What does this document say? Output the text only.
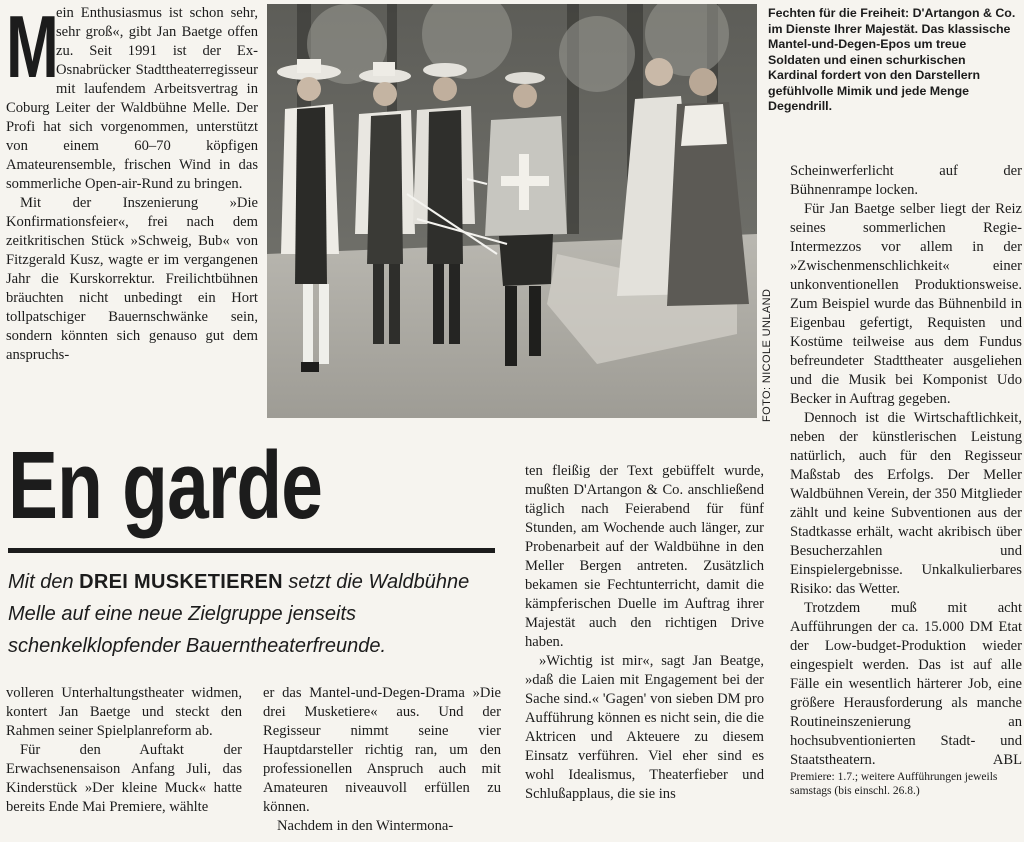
M
ein Enthusiasmus ist schon sehr, sehr groß«, gibt Jan Baetge offen zu. Seit 1991 ist der Ex-Osnabrücker Stadttheaterregisseur mit laufendem Arbeitsvertrag in Coburg Leiter der Waldbühne Melle. Der Profi hat sich vorgenommen, unterstützt von einem 60–70 köpfigen Amateurensemble, frischen Wind in das sommerliche Open-air-Rund zu bringen.

Mit der Inszenierung »Die Konfirmationsfeier«, frei nach dem zeitkritischen Stück »Schweig, Bub« von Fitzgerald Kusz, wagte er im vergangenen Jahr die Kurskorrektur. Freilichtbühnen bräuchten nicht unbedingt ein Hort tollpatschiger Bauernschwänke sein, sondern könnten sich genauso gut dem anspruchs-

Fechten für die Freiheit: D'Artangon & Co. im Dienste Ihrer Majestät. Das klassische Mantel-und-Degen-Epos um treue Soldaten und einen schurkischen Kardinal fordert von den Darstellern gefühlvolle Mimik und jede Menge Degendrill.
FOTO: NICOLE UNLAND

Scheinwerferlicht auf der Bühnenrampe locken.

Für Jan Baetge selber liegt der Reiz seines sommerlichen Regie-Intermezzos vor allem in der »Zwischenmenschlichkeit« einer unkonventionellen Produktionsweise. Zum Beispiel wurde das Bühnenbild in Eigenbau gefertigt, Requisten und Kostüme teilweise aus dem Fundus befreundeter Stadttheater ausgeliehen und die Musik bei Komponist Udo Becker in Auftrag gegeben.

Dennoch ist die Wirtschaftlichkeit, neben der künstlerischen Leistung natürlich, auch für den Regisseur Maßstab des Erfolgs. Der Meller Waldbühnen Verein, der 350 Mitglieder zählt und keine Subventionen aus der Stadtkasse erhält, wacht akribisch über Besucherzahlen und Einspielergebnisse. Unkalkulierbares Risiko: das Wetter.

Trotzdem muß mit acht Aufführungen der ca. 15.000 DM Etat der Low-budget-Produktion wieder eingespielt werden. Das ist auf alle Fälle ein wesentlich härterer Job, eine größere Herausforderung als manche Routineinszenierung an hochsubventionierten Stadt- und Staatstheatern.	ABL

Premiere: 1.7.; weitere Aufführungen jeweils samstags (bis einschl. 26.8.)

En garde
Mit den DREI MUSKETIEREN setzt die Waldbühne Melle auf eine neue Zielgruppe jenseits schenkelklopfender Bauerntheaterfreunde.

ten fleißig der Text gebüffelt wurde, mußten D'Artangon & Co. anschließend täglich nach Feierabend für fünf Stunden, am Wochende auch länger, zur Probenarbeit auf der Waldbühne in den Meller Bergen antreten. Zusätzlich bekamen sie Fechtunterricht, damit die kämpferischen Duelle im Auftrag ihrer Majestät auch den richtigen Drive haben.

»Wichtig ist mir«, sagt Jan Beatge, »daß die Laien mit Engagement bei der Sache sind.« 'Gagen' von sieben DM pro Aufführung können es nicht sein, die die Aktricen und Akteuere zu diesem Einsatz verführen. Viel eher sind es wohl Idealismus, Theaterfieber und Schlußapplaus, die sie ins

volleren Unterhaltungstheater widmen, kontert Jan Baetge und steckt den Rahmen seiner Spielplanreform ab.

Für den Auftakt der Erwachsenensaison Anfang Juli, das Kinderstück »Der kleine Muck« hatte bereits Ende Mai Premiere, wählte

er das Mantel-und-Degen-Drama »Die drei Musketiere« aus. Und der Regisseur nimmt seine vier Hauptdarsteller richtig ran, um den professionellen Anspruch auch mit Amateuren niveauvoll erfüllen zu können.

Nachdem in den Wintermona-
